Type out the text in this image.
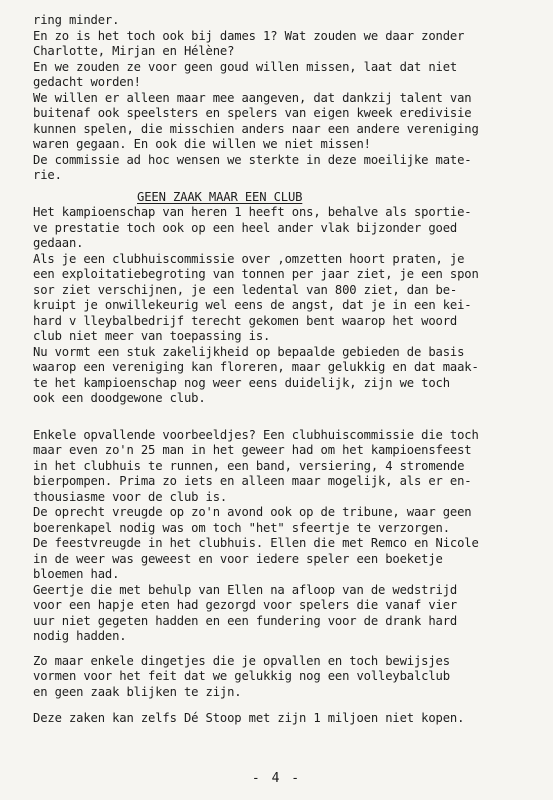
ring minder.
En zo is het toch ook bij dames 1? Wat zouden we daar zonder
Charlotte, Mirjan en Hélène?
En we zouden ze voor geen goud willen missen, laat dat niet
gedacht worden!
We willen er alleen maar mee aangeven, dat dankzij talent van
buitenaf ook speelsters en spelers van eigen kweek eredivisie
kunnen spelen, die misschien anders naar een andere vereniging
waren gegaan. En ook die willen we niet missen!
De commissie ad hoc wensen we sterkte in deze moeilijke mate-
rie.
GEEN ZAAK MAAR EEN CLUB
Het kampioenschap van heren 1 heeft ons, behalve als sportie-
ve prestatie toch ook op een heel ander vlak bijzonder goed
gedaan.
Als je een clubhuiscommissie over ,omzetten hoort praten, je
een exploitatiebegroting van tonnen per jaar ziet, je een spon
sor ziet verschijnen, je een ledental van 800 ziet, dan be-
kruipt je onwillekeurig wel eens de angst, dat je in een kei-
hard v lleybalbedrijf terecht gekomen bent waarop het woord
club niet meer van toepassing is.
Nu vormt een stuk zakelijkheid op bepaalde gebieden de basis
waarop een vereniging kan floreren, maar gelukkig en dat maak-
te het kampioenschap nog weer eens duidelijk, zijn we toch
ook een doodgewone club.
Enkele opvallende voorbeeldjes? Een clubhuiscommissie die toch
maar even zo'n 25 man in het geweer had om het kampioensfeest
in het clubhuis te runnen, een band, versiering, 4 stromende
bierpompen. Prima zo iets en alleen maar mogelijk, als er en-
thousiasme voor de club is.
De oprecht vreugde op zo'n avond ook op de tribune, waar geen
boerenkapel nodig was om toch "het" sfeertje te verzorgen.
De feestvreugde in het clubhuis. Ellen die met Remco en Nicole
in de weer was geweest en voor iedere speler een boeketje
bloemen had.
Geertje die met behulp van Ellen na afloop van de wedstrijd
voor een hapje eten had gezorgd voor spelers die vanaf vier
uur niet gegeten hadden en een fundering voor de drank hard
nodig hadden.
Zo maar enkele dingetjes die je opvallen en toch bewijsjes
vormen voor het feit dat we gelukkig nog een volleybalclub
en geen zaak blijken te zijn.
Deze zaken kan zelfs Dé Stoop met zijn 1 miljoen niet kopen.
- 4 -
